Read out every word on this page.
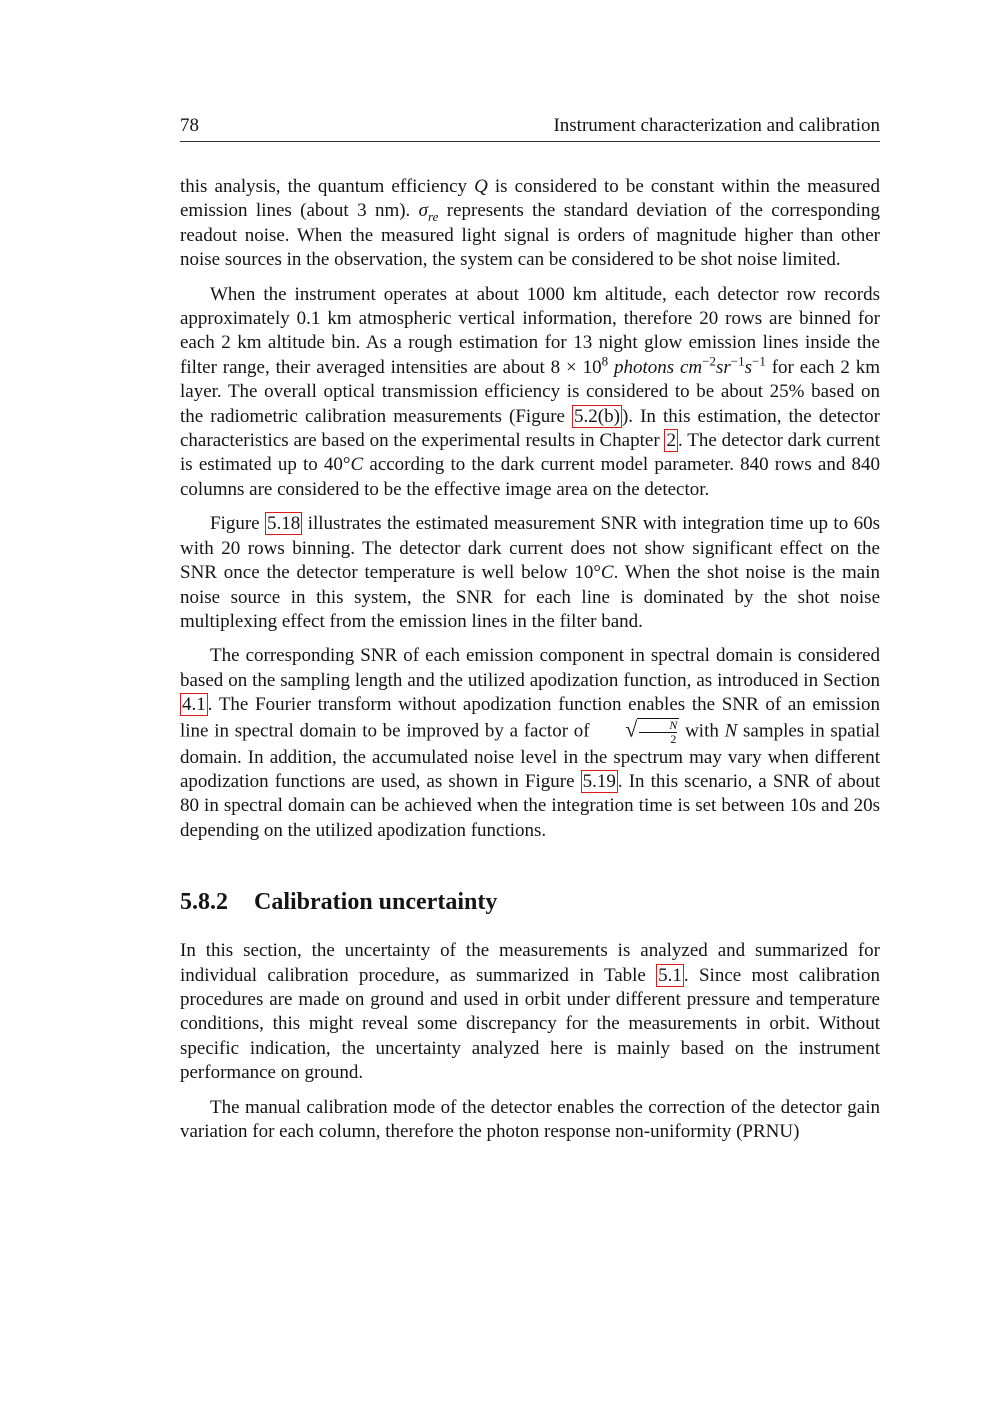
78	Instrument characterization and calibration

this analysis, the quantum efficiency Q is considered to be constant within the measured emission lines (about 3 nm). $\sigma_{re}$ represents the standard deviation of the corresponding readout noise. When the measured light signal is orders of magnitude higher than other noise sources in the observation, the system can be considered to be shot noise limited.

When the instrument operates at about 1000 km altitude, each detector row records approximately 0.1 km atmospheric vertical information, therefore 20 rows are binned for each 2 km altitude bin. As a rough estimation for 13 night glow emission lines inside the filter range, their averaged intensities are about $8 \times 10^8$ photons $cm^{-2}sr^{-1}s^{-1}$ for each 2 km layer. The overall optical transmission efficiency is considered to be about 25% based on the radiometric calibration measurements (Figure 5.2(b) ). In this estimation, the detector characteristics are based on the experimental results in Chapter 2 . The detector dark current is estimated up to 40°C according to the dark current model parameter. 840 rows and 840 columns are considered to be the effective image area on the detector.

Figure 5.18 illustrates the estimated measurement SNR with integration time up to 60s with 20 rows binning. The detector dark current does not show significant effect on the SNR once the detector temperature is well below 10°C. When the shot noise is the main noise source in this system, the SNR for each line is dominated by the shot noise multiplexing effect from the emission lines in the filter band.

The corresponding SNR of each emission component in spectral domain is considered based on the sampling length and the utilized apodization function, as introduced in Section 4.1 . The Fourier transform without apodization function enables the SNR of an emission line in spectral domain to be improved by a factor of √ $\frac{N}{2}$ with N samples in spatial domain. In addition, the accumulated noise level in the spectrum may vary when different apodization functions are used, as shown in Figure 5.19 . In this scenario, a SNR of about 80 in spectral domain can be achieved when the integration time is set between 10s and 20s depending on the utilized apodization functions.

5.8.2 Calibration uncertainty

In this section, the uncertainty of the measurements is analyzed and summarized for individual calibration procedure, as summarized in Table 5.1 . Since most calibration procedures are made on ground and used in orbit under different pressure and temperature conditions, this might reveal some discrepancy for the measurements in orbit. Without specific indication, the uncertainty analyzed here is mainly based on the instrument performance on ground.

The manual calibration mode of the detector enables the correction of the detector gain variation for each column, therefore the photon response non-uniformity (PRNU)
